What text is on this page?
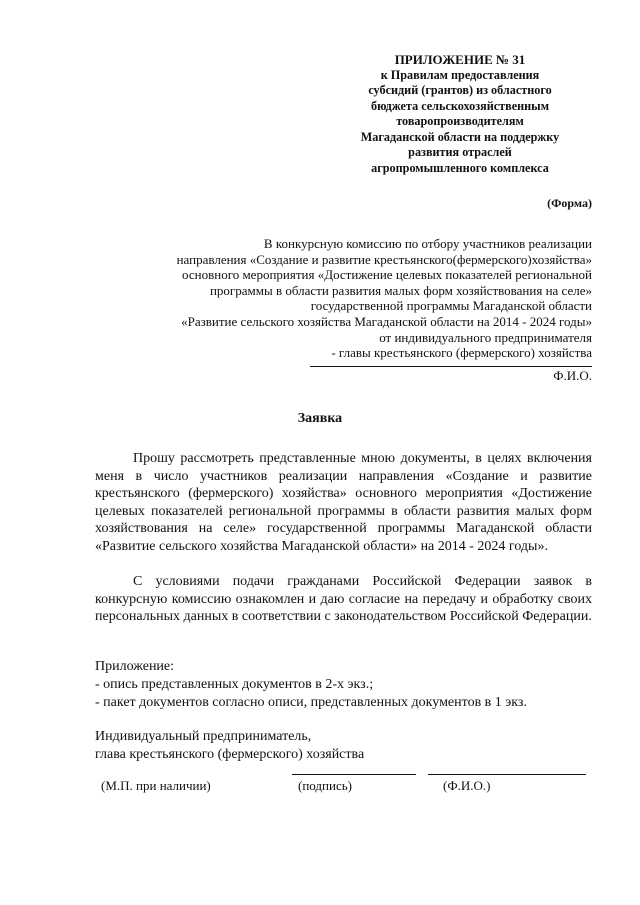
ПРИЛОЖЕНИЕ № 31
к Правилам предоставления
субсидий (грантов) из областного
бюджета сельскохозяйственным
товаропроизводителям
Магаданской области на поддержку
развития отраслей
агропромышленного комплекса
(Форма)
В конкурсную комиссию по отбору участников реализации
направления «Создание и развитие крестьянского(фермерского)хозяйства»
основного мероприятия «Достижение целевых показателей региональной
программы в области развития малых форм хозяйствования на селе»
государственной программы Магаданской области
«Развитие сельского хозяйства Магаданской области на 2014 - 2024 годы»
от индивидуального предпринимателя
- главы крестьянского (фермерского) хозяйства
Ф.И.О.
Заявка
Прошу рассмотреть представленные мною документы, в целях включения меня в число участников реализации направления «Создание и развитие крестьянского (фермерского) хозяйства» основного мероприятия «Достижение целевых показателей региональной программы в области развития малых форм хозяйствования на селе» государственной программы Магаданской области «Развитие сельского хозяйства Магаданской области» на 2014 - 2024 годы».
С условиями подачи гражданами Российской Федерации заявок в конкурсную комиссию ознакомлен и даю согласие на передачу и обработку своих персональных данных в соответствии с законодательством Российской Федерации.
Приложение:
- опись представленных документов в 2-х экз.;
- пакет документов согласно описи, представленных документов в 1 экз.
Индивидуальный предприниматель,
глава крестьянского (фермерского) хозяйства
(М.П. при наличии)	(подпись)	(Ф.И.О.)
